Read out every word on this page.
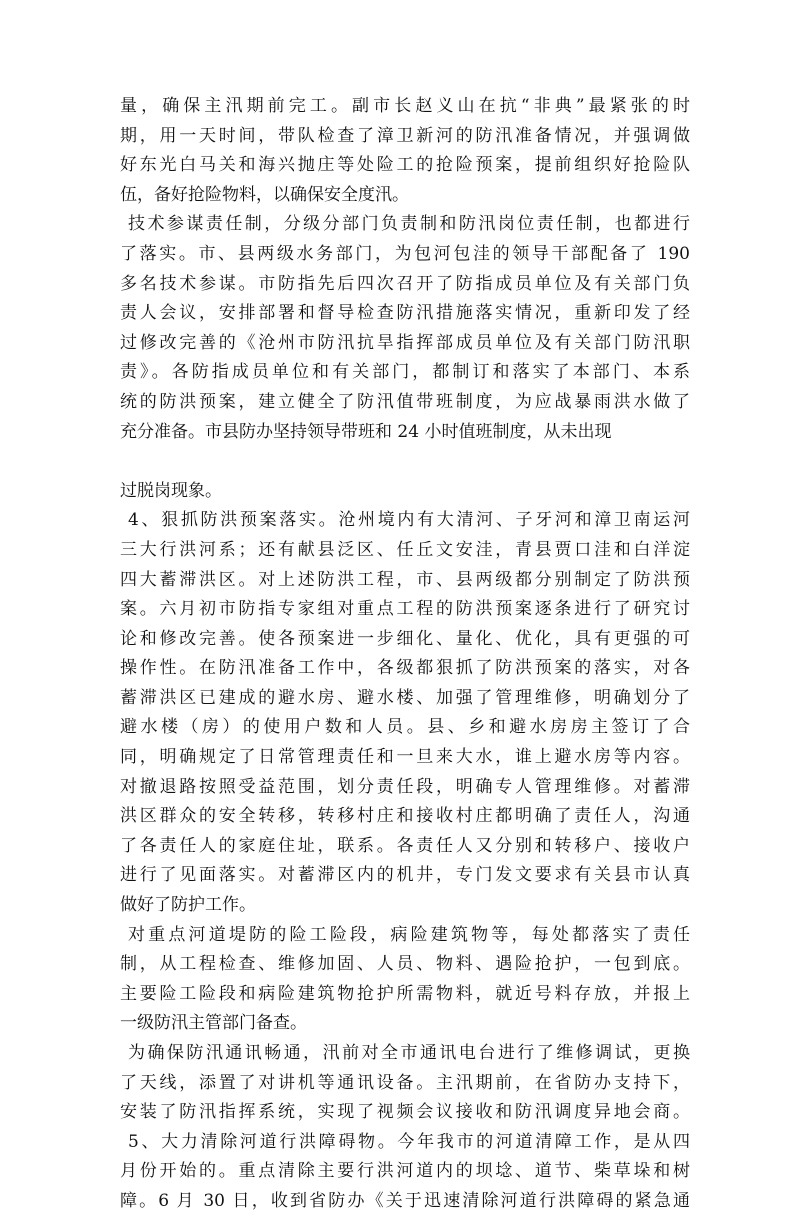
量，确保主汛期前完工。副市长赵义山在抗“非典”最紧张的时
期，用一天时间，带队检查了漳卫新河的防汛准备情况，并强调做
好东光白马关和海兴抛庄等处险工的抢险预案，提前组织好抢险队
伍，备好抢险物料，以确保安全度汛。
技术参谋责任制，分级分部门负责制和防汛岗位责任制，也都进行
了落实。市、县两级水务部门，为包河包洼的领导干部配备了 190
多名技术参谋。市防指先后四次召开了防指成员单位及有关部门负
责人会议，安排部署和督导检查防汛措施落实情况，重新印发了经
过修改完善的《沧州市防汛抗旱指挥部成员单位及有关部门防汛职
责》。各防指成员单位和有关部门，都制订和落实了本部门、本系
统的防洪预案，建立健全了防汛值带班制度，为应战暴雨洪水做了
充分准备。市县防办坚持领导带班和 24 小时值班制度，从未出现
过脱岗现象。
4、狠抓防洪预案落实。沧州境内有大清河、子牙河和漳卫南运河
三大行洪河系；还有献县泛区、任丘文安洼，青县贾口洼和白洋淀
四大蓄滞洪区。对上述防洪工程，市、县两级都分别制定了防洪预
案。六月初市防指专家组对重点工程的防洪预案逐条进行了研究讨
论和修改完善。使各预案进一步细化、量化、优化，具有更强的可
操作性。在防汛准备工作中，各级都狠抓了防洪预案的落实，对各
蓄滞洪区已建成的避水房、避水楼、加强了管理维修，明确划分了
避水楼（房）的使用户数和人员。县、乡和避水房房主签订了合
同，明确规定了日常管理责任和一旦来大水，谁上避水房等内容。
对撤退路按照受益范围，划分责任段，明确专人管理维修。对蓄滞
洪区群众的安全转移，转移村庄和接收村庄都明确了责任人，沟通
了各责任人的家庭住址，联系。各责任人又分别和转移户、接收户
进行了见面落实。对蓄滞区内的机井，专门发文要求有关县市认真
做好了防护工作。
对重点河道堤防的险工险段，病险建筑物等，每处都落实了责任
制，从工程检查、维修加固、人员、物料、遇险抢护，一包到底。
主要险工险段和病险建筑物抢护所需物料，就近号料存放，并报上
一级防汛主管部门备查。
为确保防汛通讯畅通，汛前对全市通讯电台进行了维修调试，更换
了天线，添置了对讲机等通讯设备。主汛期前，在省防办支持下，
安装了防汛指挥系统，实现了视频会议接收和防汛调度异地会商。
5、大力清除河道行洪障碍物。今年我市的河道清障工作，是从四
月份开始的。重点清除主要行洪河道内的坝埝、道节、柴草垛和树
障。6 月 30 日，收到省防办《关于迅速清除河道行洪障碍的紧急通
